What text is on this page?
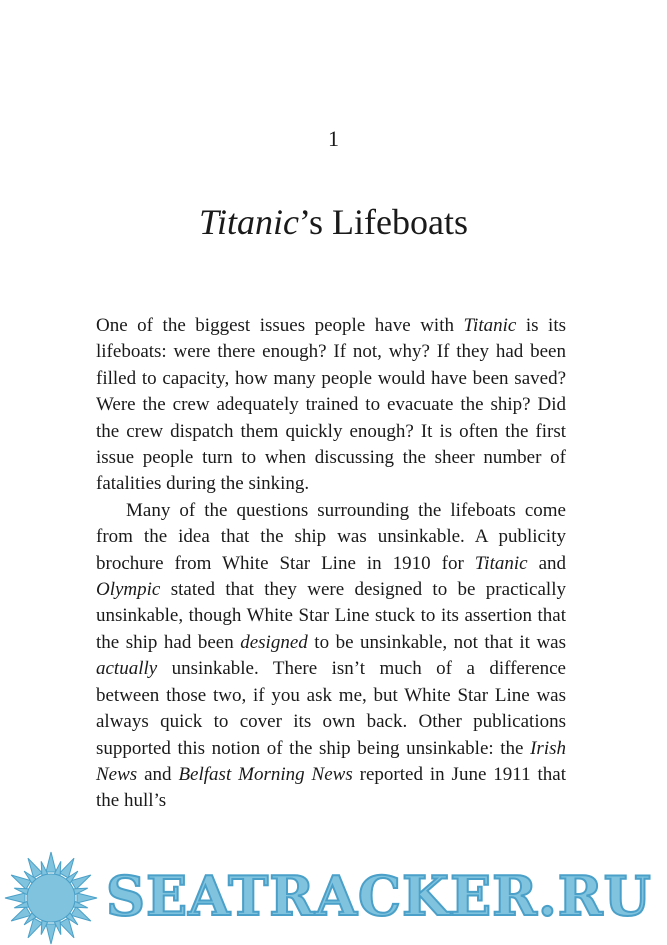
1
Titanic’s Lifeboats

One of the biggest issues people have with Titanic is its lifeboats: were there enough? If not, why? If they had been filled to capacity, how many people would have been saved? Were the crew adequately trained to evacuate the ship? Did the crew dispatch them quickly enough? It is often the first issue people turn to when discussing the sheer number of fatalities during the sinking.

Many of the questions surrounding the lifeboats come from the idea that the ship was unsinkable. A publicity brochure from White Star Line in 1910 for Titanic and Olympic stated that they were designed to be practically unsinkable, though White Star Line stuck to its assertion that the ship had been designed to be unsinkable, not that it was actually unsinkable. There isn’t much of a difference between those two, if you ask me, but White Star Line was always quick to cover its own back. Other publications supported this notion of the ship being unsinkable: the Irish News and Belfast Morning News reported in June 1911 that the hull’s

SEATRACKER.RU
